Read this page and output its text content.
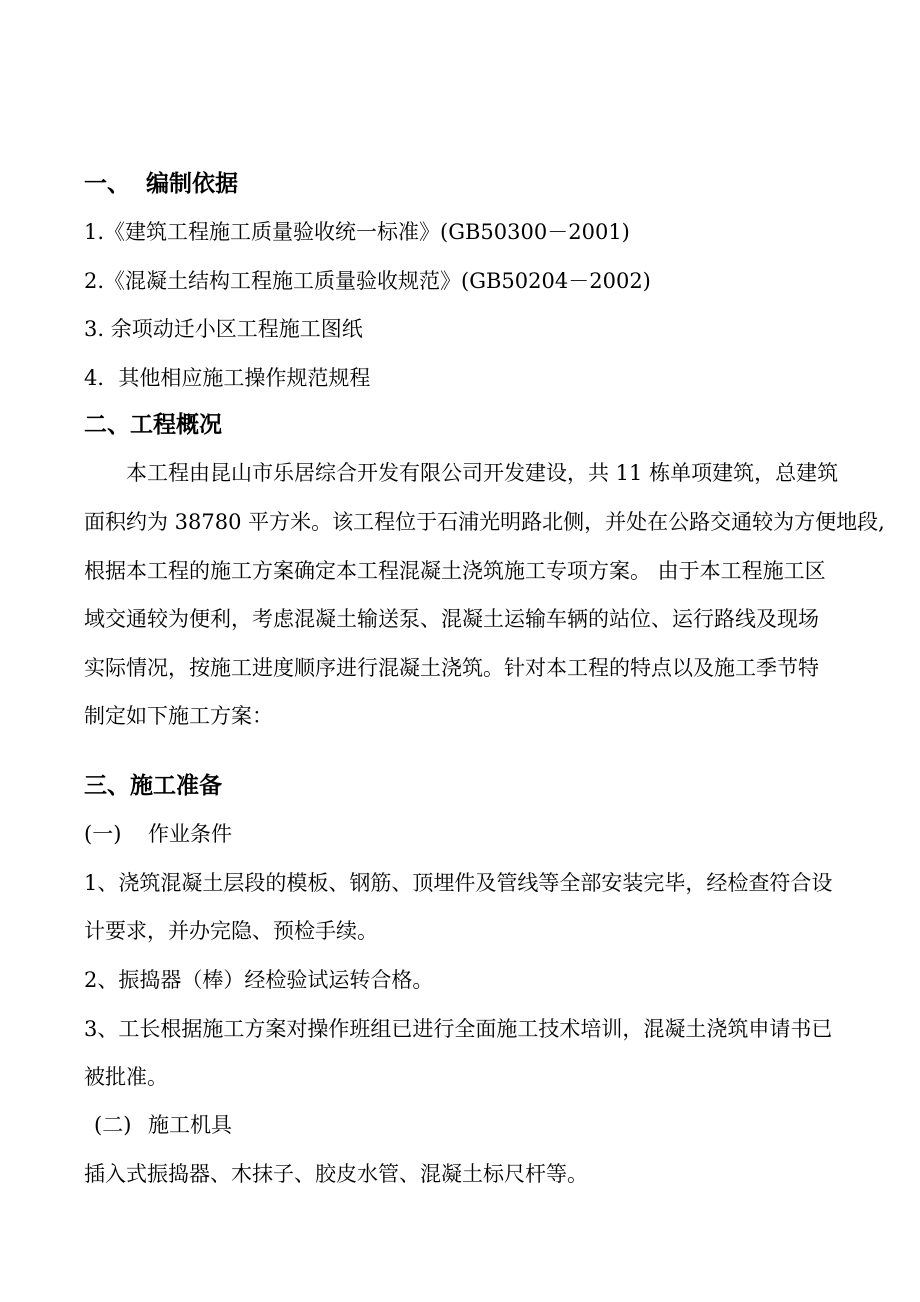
一、 编制依据
1.《建筑工程施工质量验收统一标准》(GB50300－2001)
2.《混凝土结构工程施工质量验收规范》(GB50204－2002)
3. 余项动迁小区工程施工图纸
4．其他相应施工操作规范规程
二、工程概况
本工程由昆山市乐居综合开发有限公司开发建设，共 11 栋单项建筑，总建筑
面积约为 38780 平方米。该工程位于石浦光明路北侧，并处在公路交通较为方便地段,
根据本工程的施工方案确定本工程混凝土浇筑施工专项方案。 由于本工程施工区
域交通较为便利，考虑混凝土输送泵、混凝土运输车辆的站位、运行路线及现场
实际情况，按施工进度顺序进行混凝土浇筑。针对本工程的特点以及施工季节特
制定如下施工方案：
三、施工准备
(一) 作业条件
1、浇筑混凝土层段的模板、钢筋、顶埋件及管线等全部安装完毕，经检查符合设
计要求，并办完隐、预检手续。
2、振捣器（棒）经检验试运转合格。
3、工长根据施工方案对操作班组已进行全面施工技术培训，混凝土浇筑申请书已
被批准。
(二) 施工机具
插入式振捣器、木抹子、胶皮水管、混凝土标尺杆等。
